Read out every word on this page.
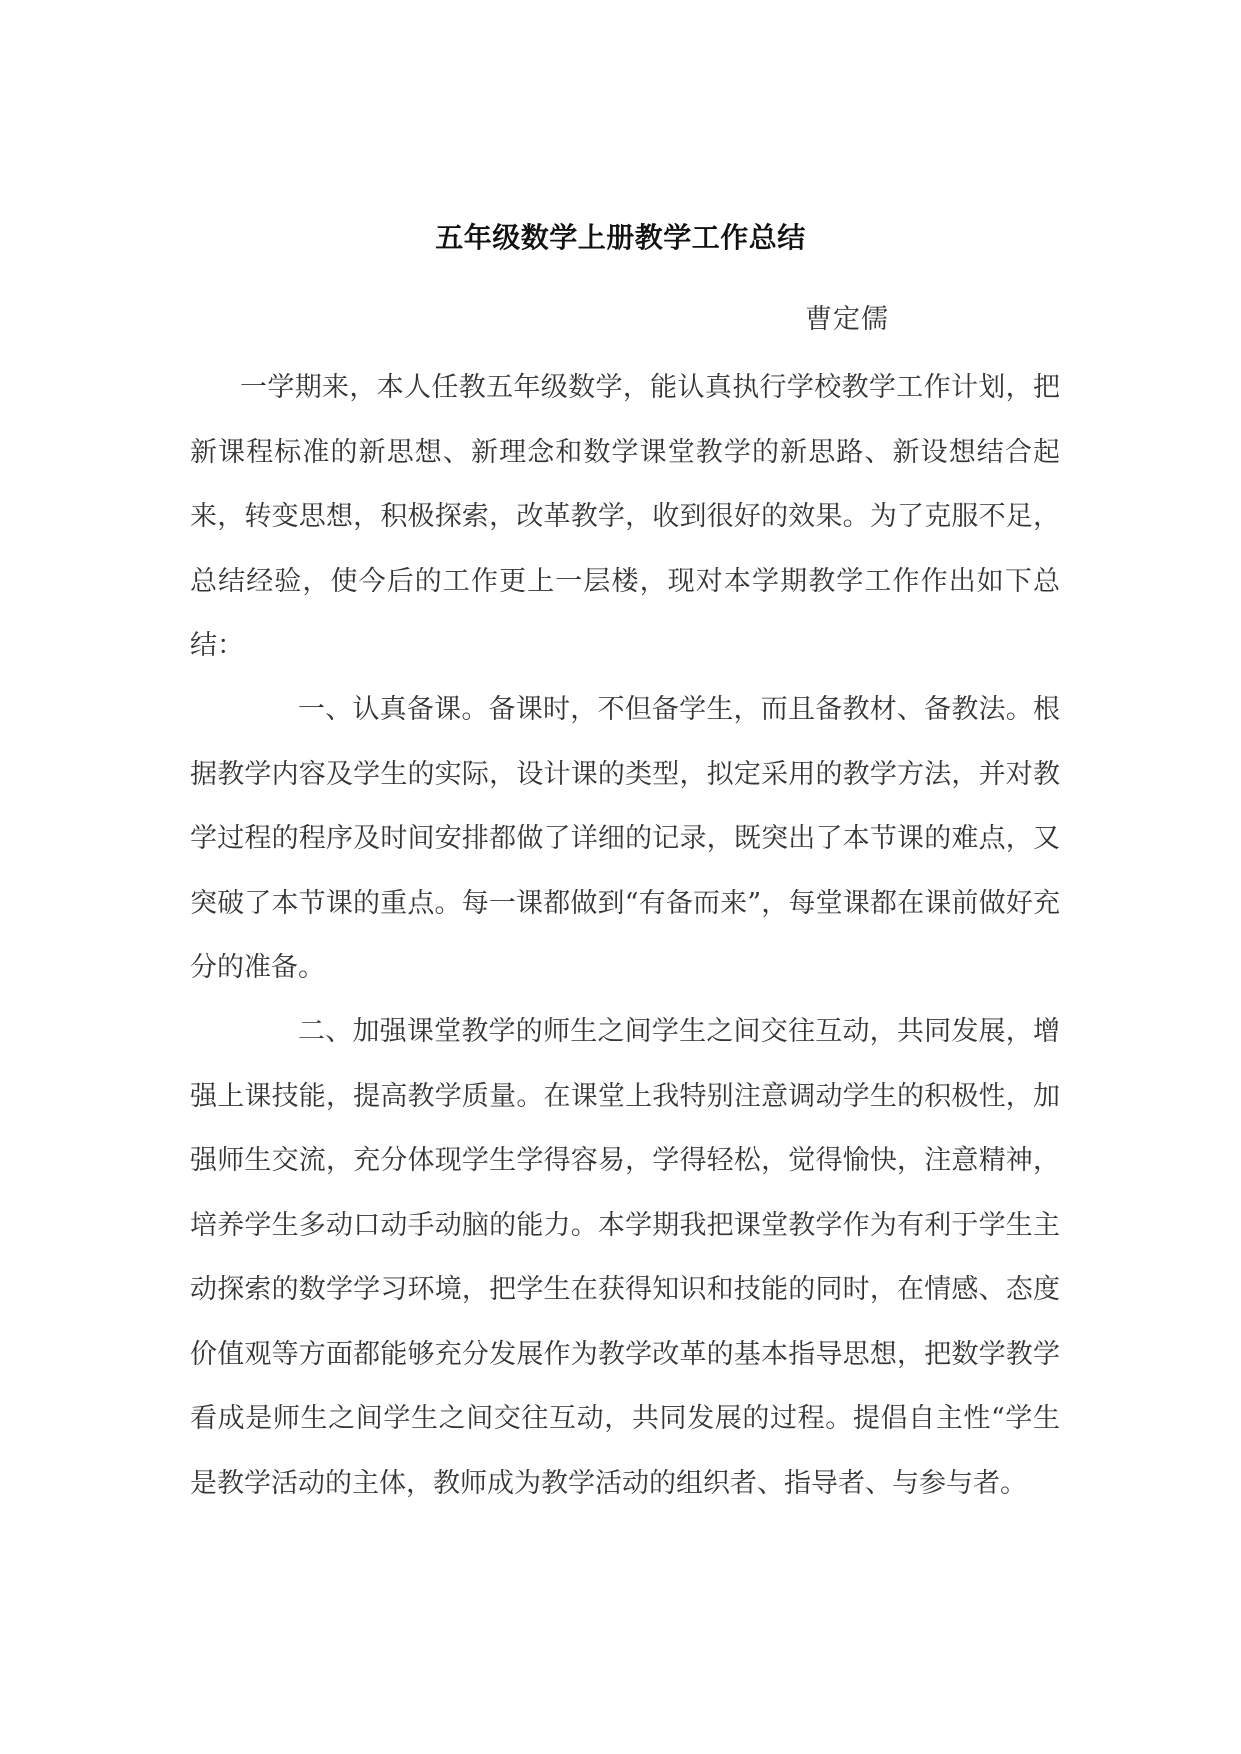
五年级数学上册教学工作总结
曹定儒
一学期来，本人任教五年级数学，能认真执行学校教学工作计划，把新课程标准的新思想、新理念和数学课堂教学的新思路、新设想结合起来，转变思想，积极探索，改革教学，收到很好的效果。为了克服不足，总结经验，使今后的工作更上一层楼，现对本学期教学工作作出如下总结：
一、认真备课。备课时，不但备学生，而且备教材、备教法。根据教学内容及学生的实际，设计课的类型，拟定采用的教学方法，并对教学过程的程序及时间安排都做了详细的记录，既突出了本节课的难点，又突破了本节课的重点。每一课都做到“有备而来”，每堂课都在课前做好充分的准备。
二、加强课堂教学的师生之间学生之间交往互动，共同发展，增强上课技能，提高教学质量。在课堂上我特别注意调动学生的积极性，加强师生交流，充分体现学生学得容易，学得轻松，觉得愉快，注意精神，培养学生多动口动手动脑的能力。本学期我把课堂教学作为有利于学生主动探索的数学学习环境，把学生在获得知识和技能的同时，在情感、态度价值观等方面都能够充分发展作为教学改革的基本指导思想，把数学教学看成是师生之间学生之间交往互动，共同发展的过程。提倡自主性“学生是教学活动的主体，教师成为教学活动的组织者、指导者、与参与者。
